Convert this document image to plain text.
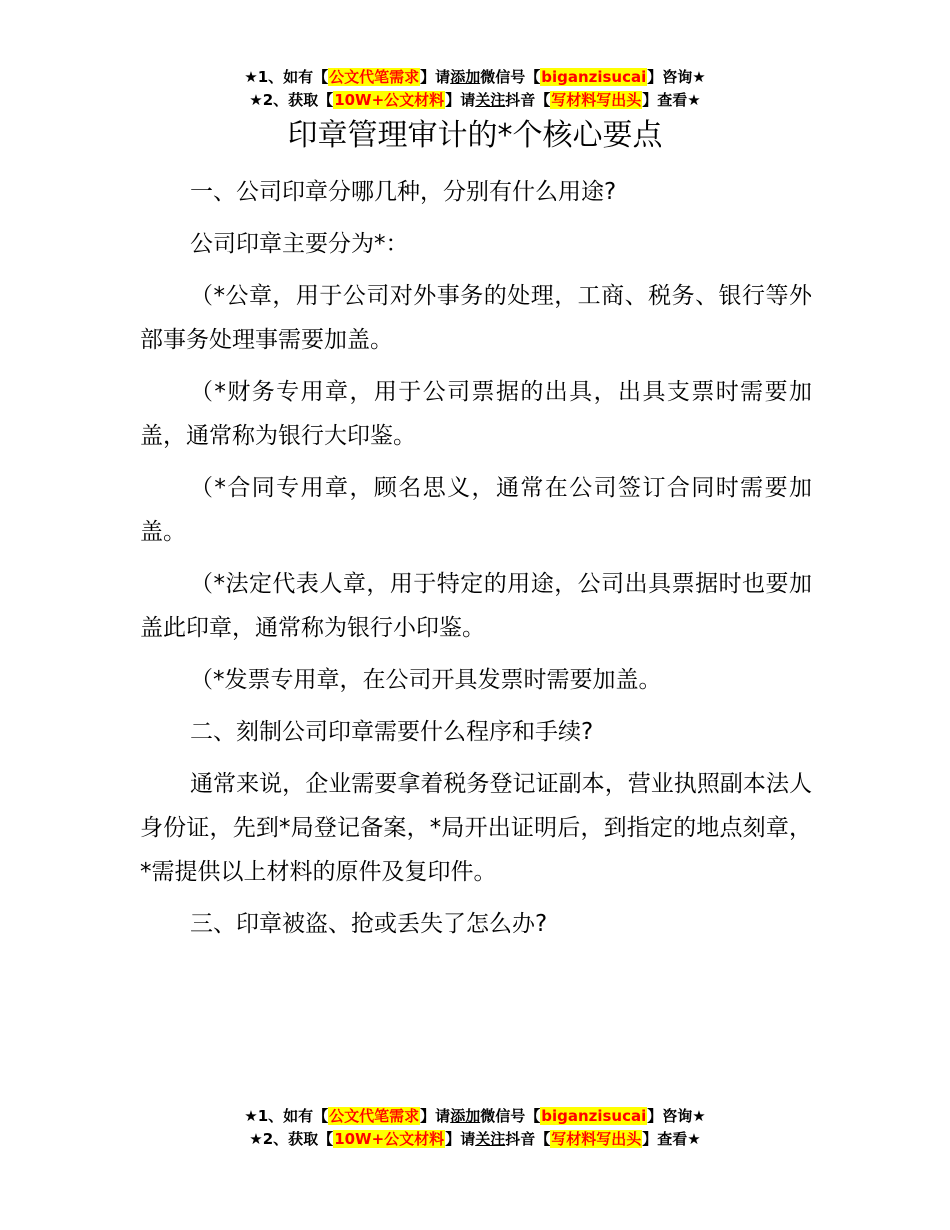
★1、如有【公文代笔需求】请添加微信号【biganzisucai】咨询★
★2、获取【10W+公文材料】请关注抖音【写材料写出头】查看★
印章管理审计的*个核心要点

一、公司印章分哪几种，分别有什么用途?

公司印章主要分为*：

（*公章，用于公司对外事务的处理，工商、税务、银行等外部事务处理事需要加盖。

（*财务专用章，用于公司票据的出具，出具支票时需要加盖，通常称为银行大印鉴。

（*合同专用章，顾名思义，通常在公司签订合同时需要加盖。

（*法定代表人章，用于特定的用途，公司出具票据时也要加盖此印章，通常称为银行小印鉴。

（*发票专用章，在公司开具发票时需要加盖。

二、刻制公司印章需要什么程序和手续?

通常来说，企业需要拿着税务登记证副本，营业执照副本法人身份证，先到*局登记备案，*局开出证明后，到指定的地点刻章，*需提供以上材料的原件及复印件。

三、印章被盗、抢或丢失了怎么办?

★1、如有【公文代笔需求】请添加微信号【biganzisucai】咨询★
★2、获取【10W+公文材料】请关注抖音【写材料写出头】查看★
